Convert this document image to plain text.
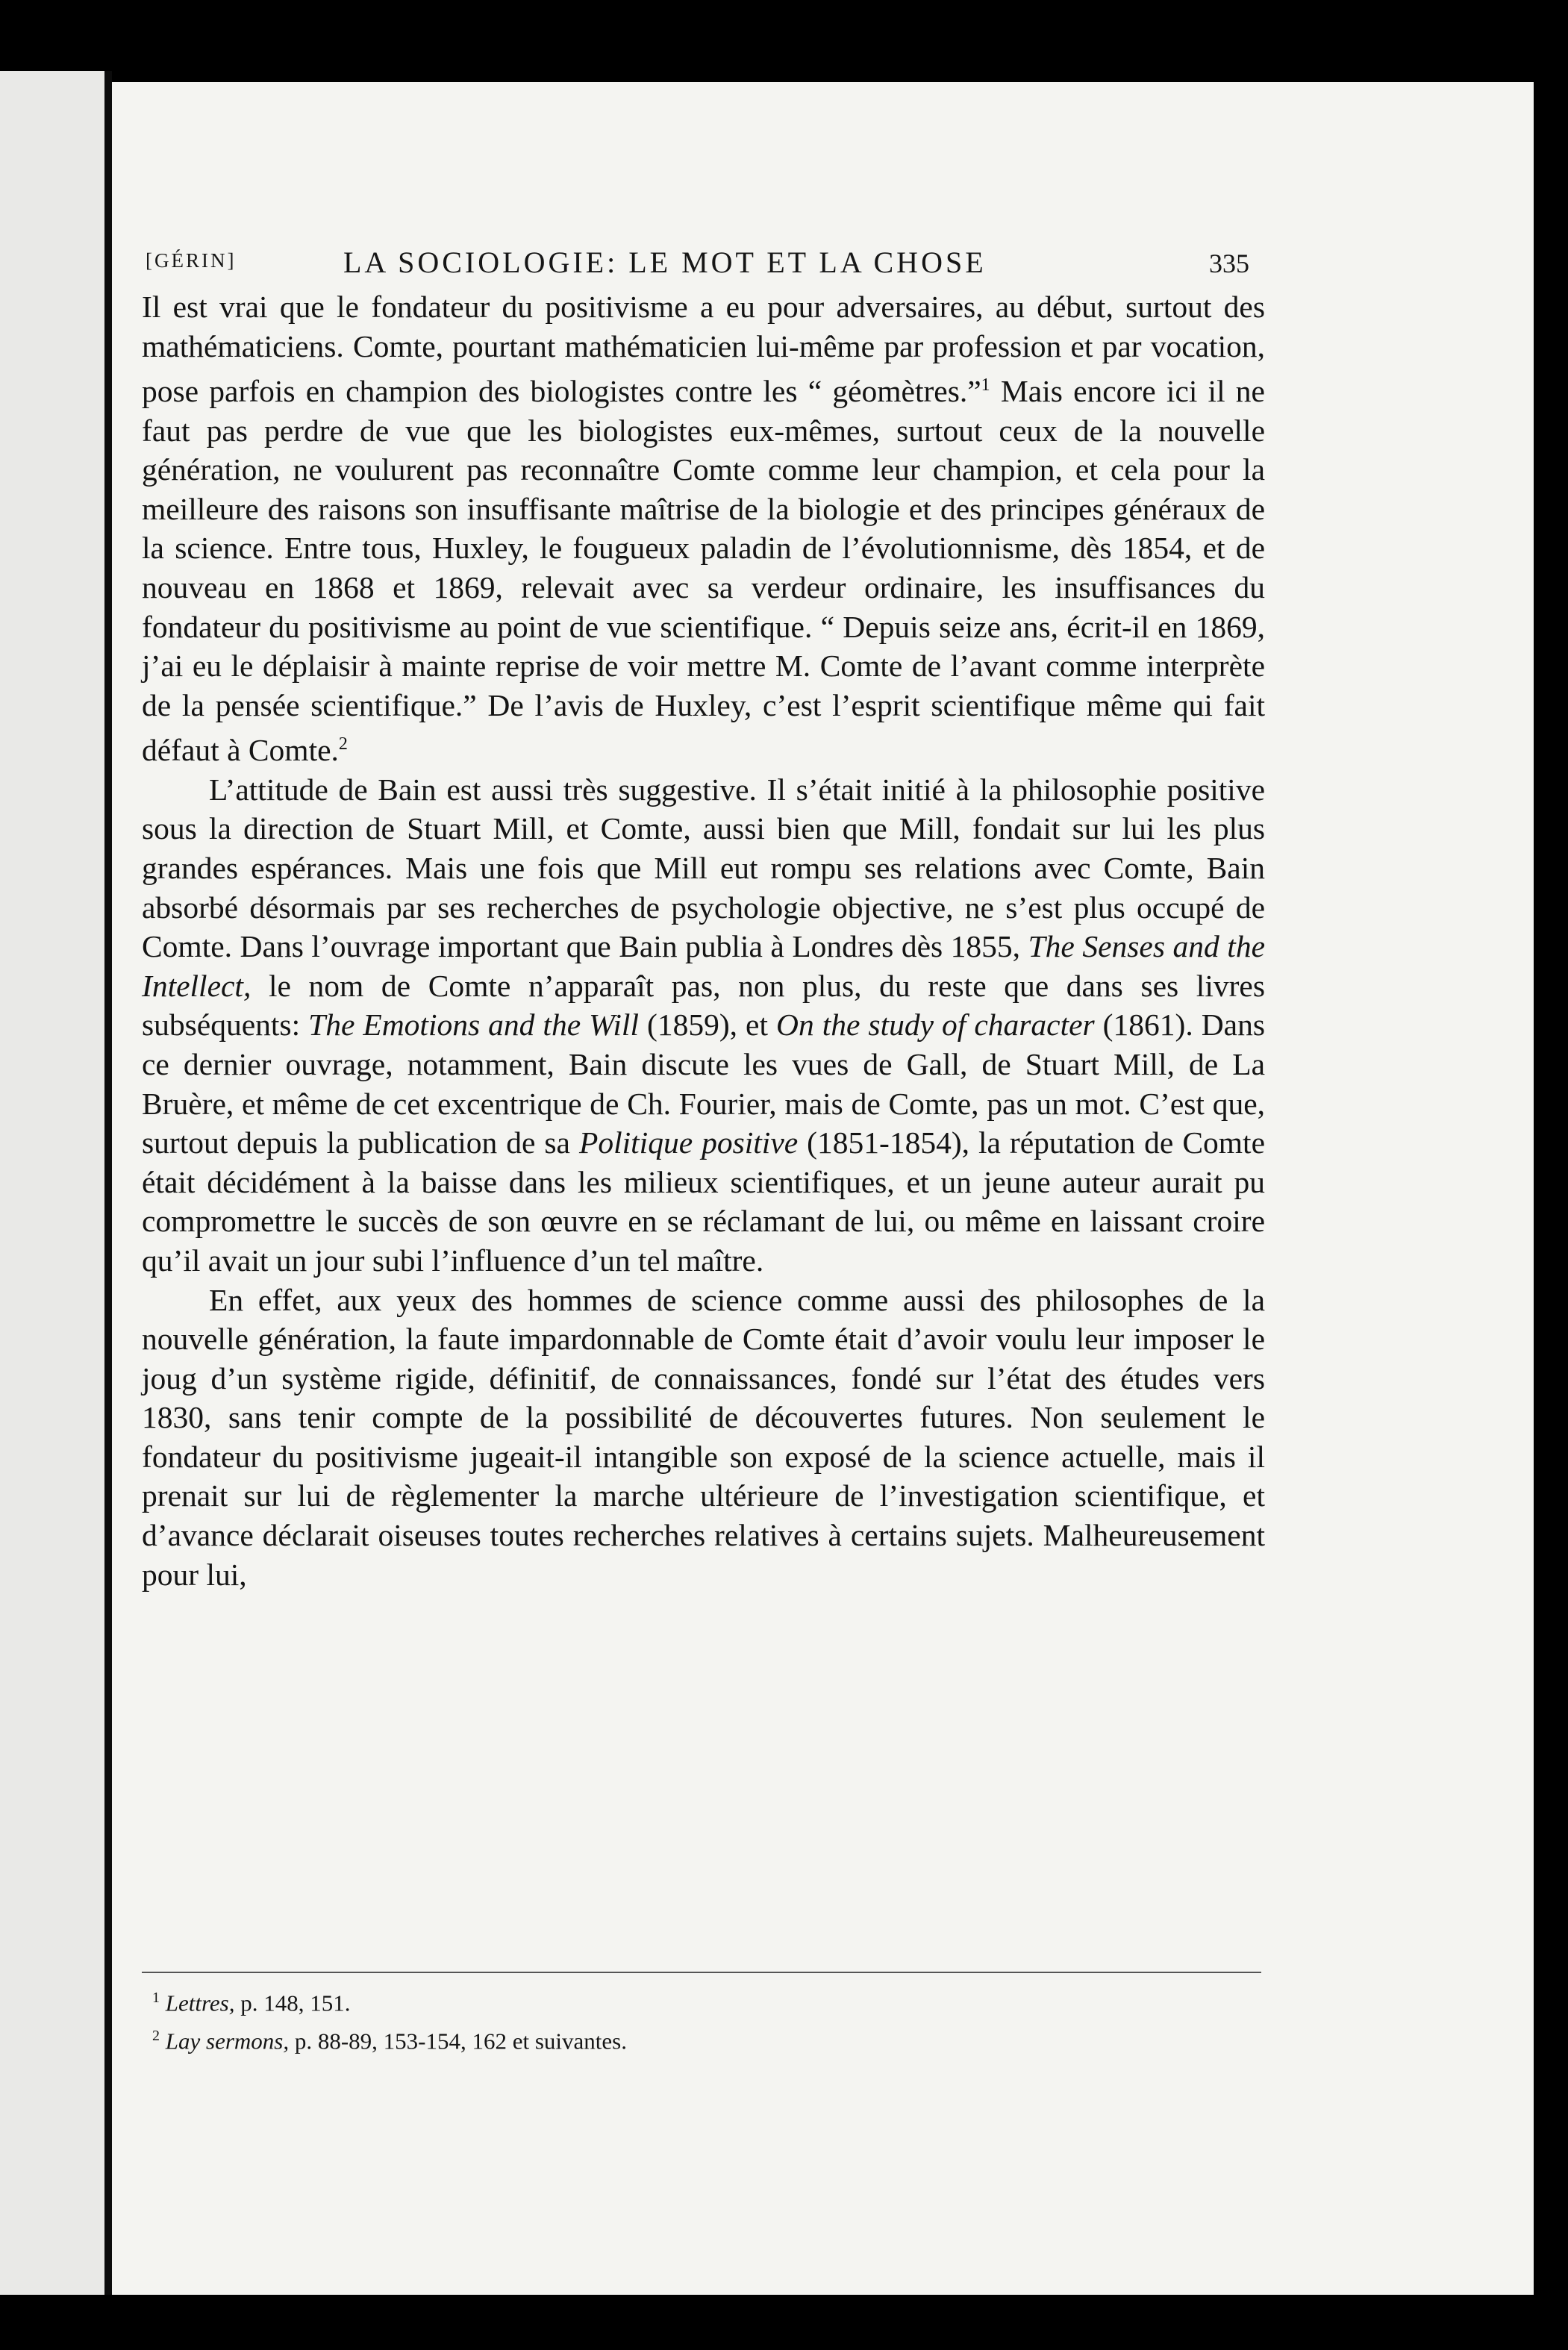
[GÉRIN]	LA SOCIOLOGIE: LE MOT ET LA CHOSE	335

Il est vrai que le fondateur du positivisme a eu pour adversaires, au début, surtout des mathématiciens. Comte, pourtant mathématicien lui-même par profession et par vocation, pose parfois en champion des biologistes contre les “ géomètres.”$^1$ Mais encore ici il ne faut pas perdre de vue que les biologistes eux-mêmes, surtout ceux de la nouvelle génération, ne voulurent pas reconnaître Comte comme leur champion, et cela pour la meilleure des raisons son insuffisante maîtrise de la biologie et des principes généraux de la science. Entre tous, Huxley, le fougueux paladin de l’évolutionnisme, dès 1854, et de nouveau en 1868 et 1869, relevait avec sa verdeur ordinaire, les insuffisances du fondateur du positivisme au point de vue scientifique. “ Depuis seize ans, écrit-il en 1869, j’ai eu le déplaisir à mainte reprise de voir mettre M. Comte de l’avant comme interprète de la pensée scientifique.” De l’avis de Huxley, c’est l’esprit scientifique même qui fait défaut à Comte.$^2$

L’attitude de Bain est aussi très suggestive. Il s’était initié à la philosophie positive sous la direction de Stuart Mill, et Comte, aussi bien que Mill, fondait sur lui les plus grandes espérances. Mais une fois que Mill eut rompu ses relations avec Comte, Bain absorbé désormais par ses recherches de psychologie objective, ne s’est plus occupé de Comte. Dans l’ouvrage important que Bain publia à Londres dès 1855, The Senses and the Intellect, le nom de Comte n’apparaît pas, non plus, du reste que dans ses livres subséquents: The Emotions and the Will (1859), et On the study of character (1861). Dans ce dernier ouvrage, notamment, Bain discute les vues de Gall, de Stuart Mill, de La Bruère, et même de cet excentrique de Ch. Fourier, mais de Comte, pas un mot. C’est que, surtout depuis la publication de sa Politique positive (1851-1854), la réputation de Comte était décidément à la baisse dans les milieux scientifiques, et un jeune auteur aurait pu compromettre le succès de son œuvre en se réclamant de lui, ou même en laissant croire qu’il avait un jour subi l’influence d’un tel maître.

En effet, aux yeux des hommes de science comme aussi des philosophes de la nouvelle génération, la faute impardonnable de Comte était d’avoir voulu leur imposer le joug d’un système rigide, définitif, de connaissances, fondé sur l’état des études vers 1830, sans tenir compte de la possibilité de découvertes futures. Non seulement le fondateur du positivisme jugeait-il intangible son exposé de la science actuelle, mais il prenait sur lui de règlementer la marche ultérieure de l’investigation scientifique, et d’avance déclarait oiseuses toutes recherches relatives à certains sujets. Malheureusement pour lui,

$^1$ Lettres, p. 148, 151.
$^2$ Lay sermons, p. 88-89, 153-154, 162 et suivantes.
